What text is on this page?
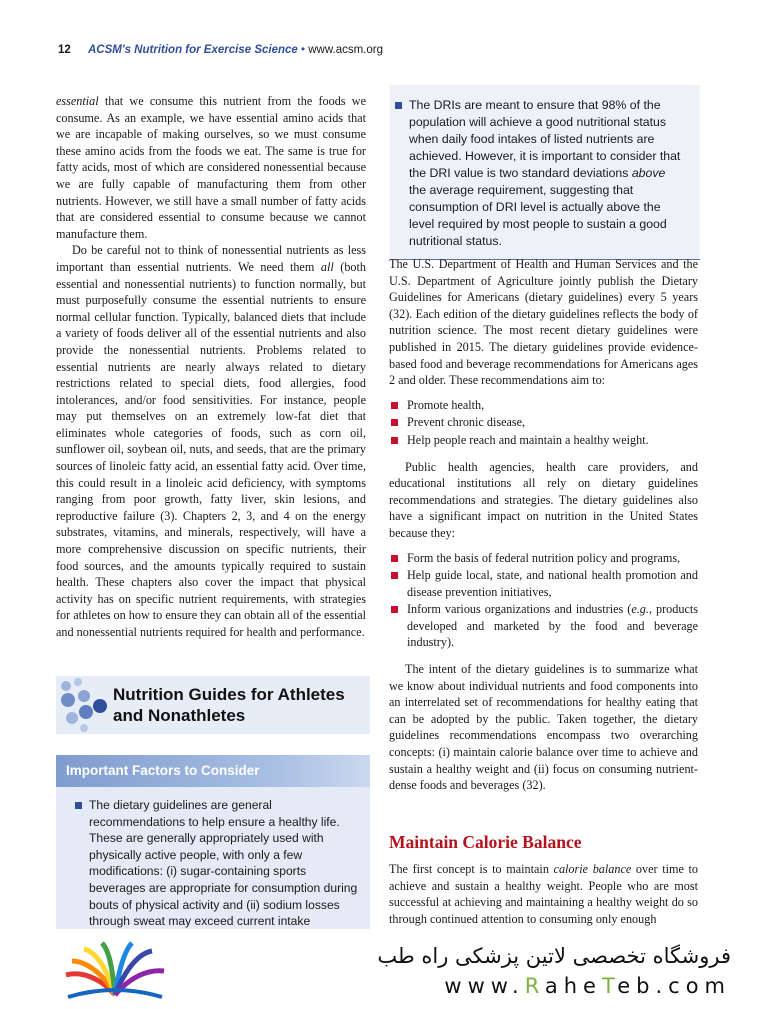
12 ACSM's Nutrition for Exercise Science • www.acsm.org

essential that we consume this nutrient from the foods we consume. As an example, we have essential amino acids that we are incapable of making ourselves, so we must consume these amino acids from the foods we eat. The same is true for fatty acids, most of which are considered nonessential because we are fully capable of manufacturing them from other nutrients. However, we still have a small number of fatty acids that are considered essential to consume because we cannot manufacture them.

Do be careful not to think of nonessential nutrients as less important than essential nutrients. We need them all (both essential and nonessential nutrients) to function normally, but must purposefully consume the essential nutrients to ensure normal cellular function. Typically, balanced diets that include a variety of foods deliver all of the essential nutrients and also provide the nonessential nutrients. Problems related to essential nutrients are nearly always related to dietary restrictions related to special diets, food allergies, food intolerances, and/or food sensitivities. For instance, people may put themselves on an extremely low-fat diet that eliminates whole categories of foods, such as corn oil, sunflower oil, soybean oil, nuts, and seeds, that are the primary sources of linoleic fatty acid, an essential fatty acid. Over time, this could result in a linoleic acid deficiency, with symptoms ranging from poor growth, fatty liver, skin lesions, and reproductive failure (3). Chapters 2, 3, and 4 on the energy substrates, vitamins, and minerals, respectively, will have a more comprehensive discussion on specific nutrients, their food sources, and the amounts typically required to sustain health. These chapters also cover the impact that physical activity has on specific nutrient requirements, with strategies for athletes on how to ensure they can obtain all of the essential and nonessential nutrients required for health and performance.

Nutrition Guides for Athletes and Nonathletes
Important Factors to Consider
The dietary guidelines are general recommendations to help ensure a healthy life. These are generally appropriately used with physically active people, with only a few modifications: (i) sugar-containing sports beverages are appropriate for consumption during bouts of physical activity and (ii) sodium losses through sweat may exceed current intake
The DRIs are meant to ensure that 98% of the population will achieve a good nutritional status when daily food intakes of listed nutrients are achieved. However, it is important to consider that the DRI value is two standard deviations above the average requirement, suggesting that consumption of DRI level is actually above the level required by most people to sustain a good nutritional status.

The U.S. Department of Health and Human Services and the U.S. Department of Agriculture jointly publish the Dietary Guidelines for Americans (dietary guidelines) every 5 years (32). Each edition of the dietary guidelines reflects the body of nutrition science. The most recent dietary guidelines were published in 2015. The dietary guidelines provide evidence-based food and beverage recommendations for Americans ages 2 and older. These recommendations aim to:

Promote health,
Prevent chronic disease,
Help people reach and maintain a healthy weight.

Public health agencies, health care providers, and educational institutions all rely on dietary guidelines recommendations and strategies. The dietary guidelines also have a significant impact on nutrition in the United States because they:

Form the basis of federal nutrition policy and programs,
Help guide local, state, and national health promotion and disease prevention initiatives,
Inform various organizations and industries (e.g., products developed and marketed by the food and beverage industry).

The intent of the dietary guidelines is to summarize what we know about individual nutrients and food components into an interrelated set of recommendations for healthy eating that can be adopted by the public. Taken together, the dietary guidelines recommendations encompass two overarching concepts: (i) maintain calorie balance over time to achieve and sustain a healthy weight and (ii) focus on consuming nutrient-dense foods and beverages (32).

Maintain Calorie Balance

The first concept is to maintain calorie balance over time to achieve and sustain a healthy weight. People who are most successful at achieving and maintaining a healthy weight do so through continued attention to consuming only enough

فروشگاه تخصصی لاتین پزشکی راه طب
www.RaheTeb.com
